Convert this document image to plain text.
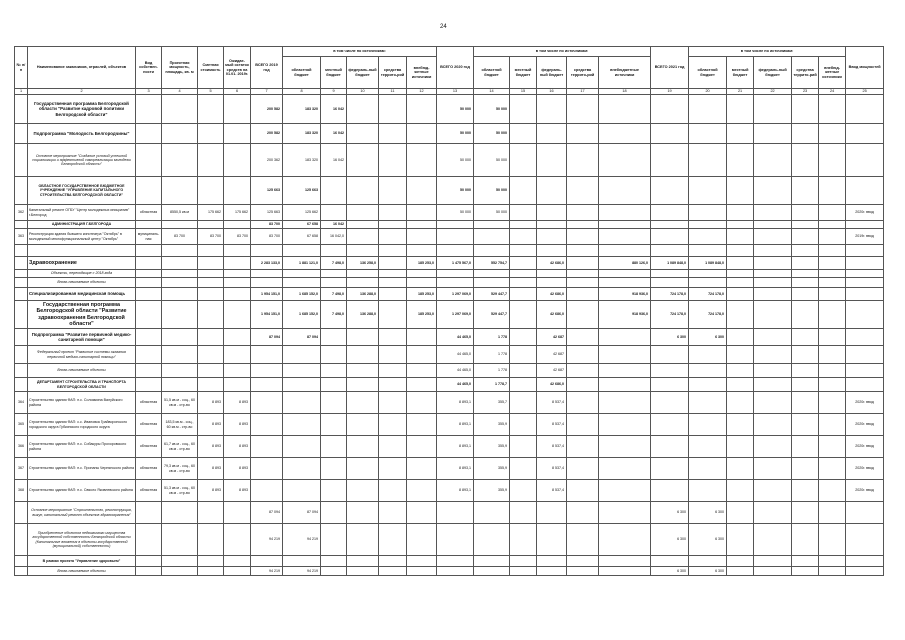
24
№ п/п	Наименование заказчиков, отраслей, объектов	Вид собствен-ности	Проектная мощность, площадь, кв. м	Сметная стоимость	Ожидае-мый остаток средств на 01.01. 2019г.	ВСЕГО 2019 год	в том числе по источникам:					ВСЕГО 2020 год	в том числе по источникам:					ВСЕГО 2021 год	в том числе по источникам:					Ввод мощностей
							областной бюджет	местный бюджет	федераль-ный бюджет	средства террито-рий	внебюд-жетные источники		областной бюджет	местный бюджет	федераль-ный бюджет	средства террито-рий	внебюджетные источники		областной бюджет	местный бюджет	федераль-ный бюджет	средства террито-рий	внебюд-жетные источники	
1	2	3	4	5	6	7	8	9	10	11	12	13	14	15	16	17	18	19	20	21	22	23	24	25
	Государственная программа Белгородской области "Развитие кадровой политики Белгородской области"					200 582	183 320	16 042				50 000	50 000											
	Подпрограмма "Молодость Белгородчины"					200 582	183 320	16 042				50 000	50 000											
	Основное мероприятие "Создание условий успешной социализации и эффективной самореализации молодежи Белгородской области"					200 362	183 320	16 042				50 000	50 000											
	ОБЛАСТНОЕ ГОСУДАРСТВЕННОЕ БЮДЖЕТНОЕ УЧРЕЖДЕНИЕ "УПРАВЛЕНИЕ КАПИТАЛЬНОГО СТРОИТЕЛЬСТВА БЕЛГОРОДСКОЙ ОБЛАСТИ"					125 663	125 663					50 000	50 000											
362	Капитальный ремонт ОГБУ "Центр молодежных инициатив" г.Белгород	областная	8550,5 кв.м	175 662	175 662	125 663	125 662					50 000	50 000											2020г. ввод
	АДМИНИСТРАЦИЯ Г.БЕЛГОРОДА					83 700	67 658	16 042																
363	Реконструкция здания бывшего кинотеатра "Октябрь" в молодежный многофункциональный центр "Октябрь"	муниципаль-ная	83 700	83 700	83 700	83 700	67 658	16 042,0																2019г. ввод

	Здравоохранение					2 283 133,0	1 881 121,0	7 498,0	136 258,0		185 253,0	1 475 567,0	552 754,7		42 686,0		880 126,0	1 089 848,0	1 089 848,0					
	Объекты, переходящие с 2018 года																							
	Вновь начинаемые объекты																							
	Специализированная медицинская помощь					1 954 151,0	1 685 152,0	7 498,0	136 288,0		185 253,0	1 297 069,0	529 447,7		42 686,0		918 936,0	724 178,0	724 178,0					
	Государственная программа Белгородской области "Развитие здравоохранения Белгородской области"					1 954 151,0	1 685 152,0	7 498,0	136 288,0		185 253,0	1 297 069,0	529 447,7		42 686,0		918 936,0	724 178,0	724 178,0					
	Подпрограмма "Развитие первичной медико-санитарной помощи"					87 094	87 094					44 465,0	1 778		42 687			6 300	6 300					
	Федеральный проект "Развитие системы оказания первичной медико-санитарной помощи"											44 465,0	1 778		42 687									
	Вновь начинаемые объекты											44 465,0	1 778		42 687									
	ДЕПАРТАМЕНТ СТРОИТЕЛЬСТВА И ТРАНСПОРТА БЕЛГОРОДСКОЙ ОБЛАСТИ											44 465,0	1 778,7		42 686,0									
364	Строительство здания ФАП: п.с. Соломкина Валуйского района	областная	51,5 кв.м - соц., 60 кв.м - стр-во	8 893	8 893							8 893,1	355,7		8 537,4									2020г. ввод
365	Строительство здания ФАП: с.с. Ивановка Грайворонского городского округа Губкинского городского округа	областная	183,5 кв.м - соц., 60 кв.м - стр-во	8 893	8 893							8 893,1	355,9		8 537,4									2020г. ввод
366	Строительство здания ФАП: п.с. Собакуры Прохоровского района	областная	61,7 кв.м - соц., 60 кв.м - стр-во	8 893	8 893							8 893,1	355,9		8 537,4									2020г. ввод
367	Строительство здания ФАП: п.с. Пропаны Чернянского района	областная	79,3 кв.м - соц., 60 кв.м - стр-во	8 893	8 893							8 893,1	355,9		8 537,4									2020г. ввод
368	Строительство здания ФАП: п.с. Свясло Яковлевского района	областная	51,3 кв.м - соц., 60 кв.м - стр-во	8 893	8 893							8 893,1	355,9		8 537,4									2020г. ввод
	Основное мероприятие "Строительство, реконструкция, выкуп, капитальный ремонт объектов здравоохранения"					87 094	87 094											6 300	6 300					
	Приобретение объектов недвижимого имущества государственной собственности Белгородской области (Капитальные вложения в объекты государственной (муниципальной) собственности)					94 219	94 219											6 300	6 300					
	В рамках проекта "Управление здоровьем"																							
	Вновь начинаемые объекты					94 219	94 219											6 300	6 300					
